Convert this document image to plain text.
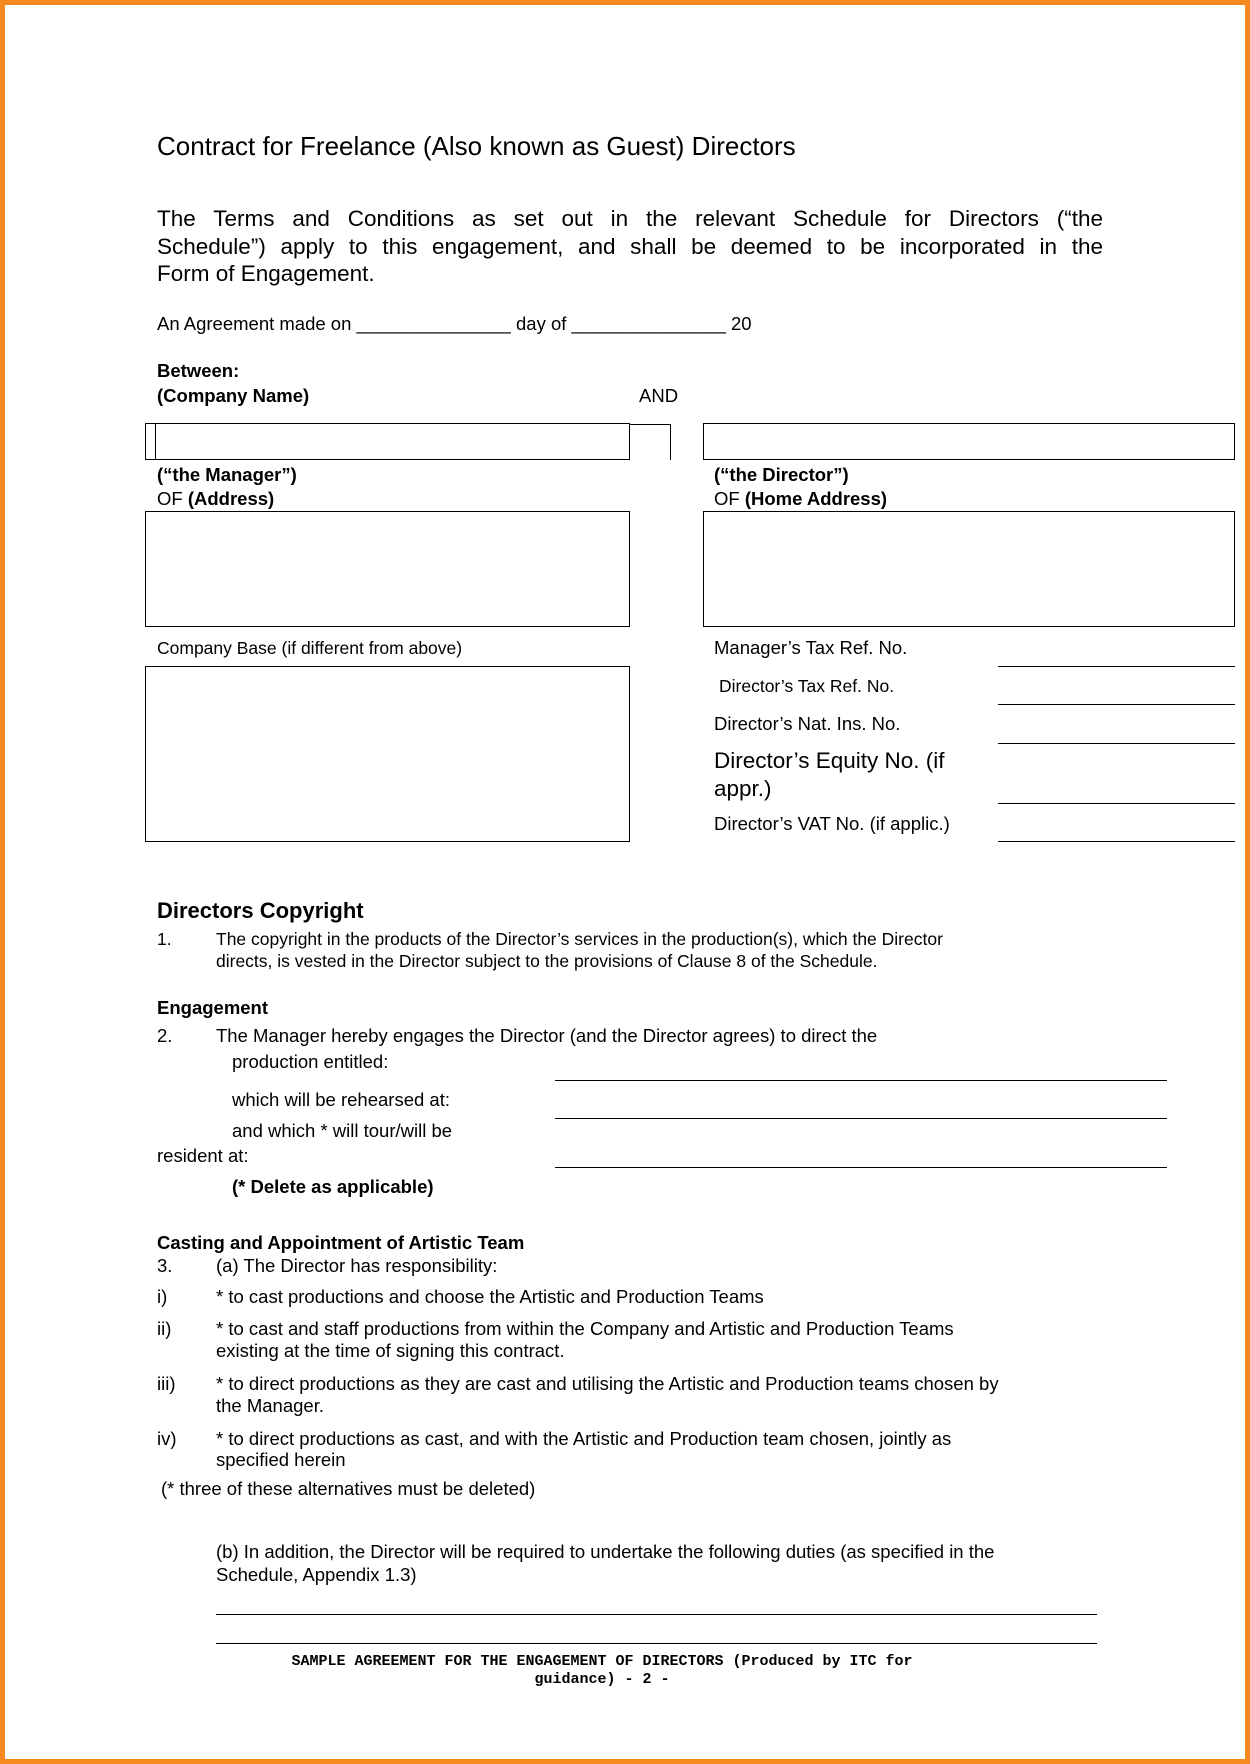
Contract for Freelance (Also known as Guest) Directors
The Terms and Conditions as set out in the relevant Schedule for Directors (“the
Schedule”) apply to this engagement, and shall be deemed to be incorporated in the
Form of Engagement.
An Agreement made on _______________ day of _______________ 20
Between:
(Company Name)	AND
(“the Manager”)
OF (Address)
(“the Director”)
OF (Home Address)
Company Base (if different from above)	Manager’s Tax Ref. No.
Director’s Tax Ref. No.
Director’s Nat. Ins. No.
Director’s Equity No. (if
appr.)
Director’s VAT No. (if applic.)
Directors Copyright
1.	The copyright in the products of the Director’s services in the production(s), which the Director
directs, is vested in the Director subject to the provisions of Clause 8 of the Schedule.
Engagement
2. The Manager hereby engages the Director (and the Director agrees) to direct the
production entitled:
which will be rehearsed at:
and which * will tour/will be
resident at:
(* Delete as applicable)
Casting and Appointment of Artistic Team
3. (a) The Director has responsibility:
i)	* to cast productions and choose the Artistic and Production Teams
ii) * to cast and staff productions from within the Company and Artistic and Production Teams
existing at the time of signing this contract.
iii) * to direct productions as they are cast and utilising the Artistic and Production teams chosen by
the Manager.
iv) * to direct productions as cast, and with the Artistic and Production team chosen, jointly as
specified herein
(* three of these alternatives must be deleted)
(b) In addition, the Director will be required to undertake the following duties (as specified in the
Schedule, Appendix 1.3)
SAMPLE AGREEMENT FOR THE ENGAGEMENT OF DIRECTORS (Produced by ITC for
guidance) - 2 -
